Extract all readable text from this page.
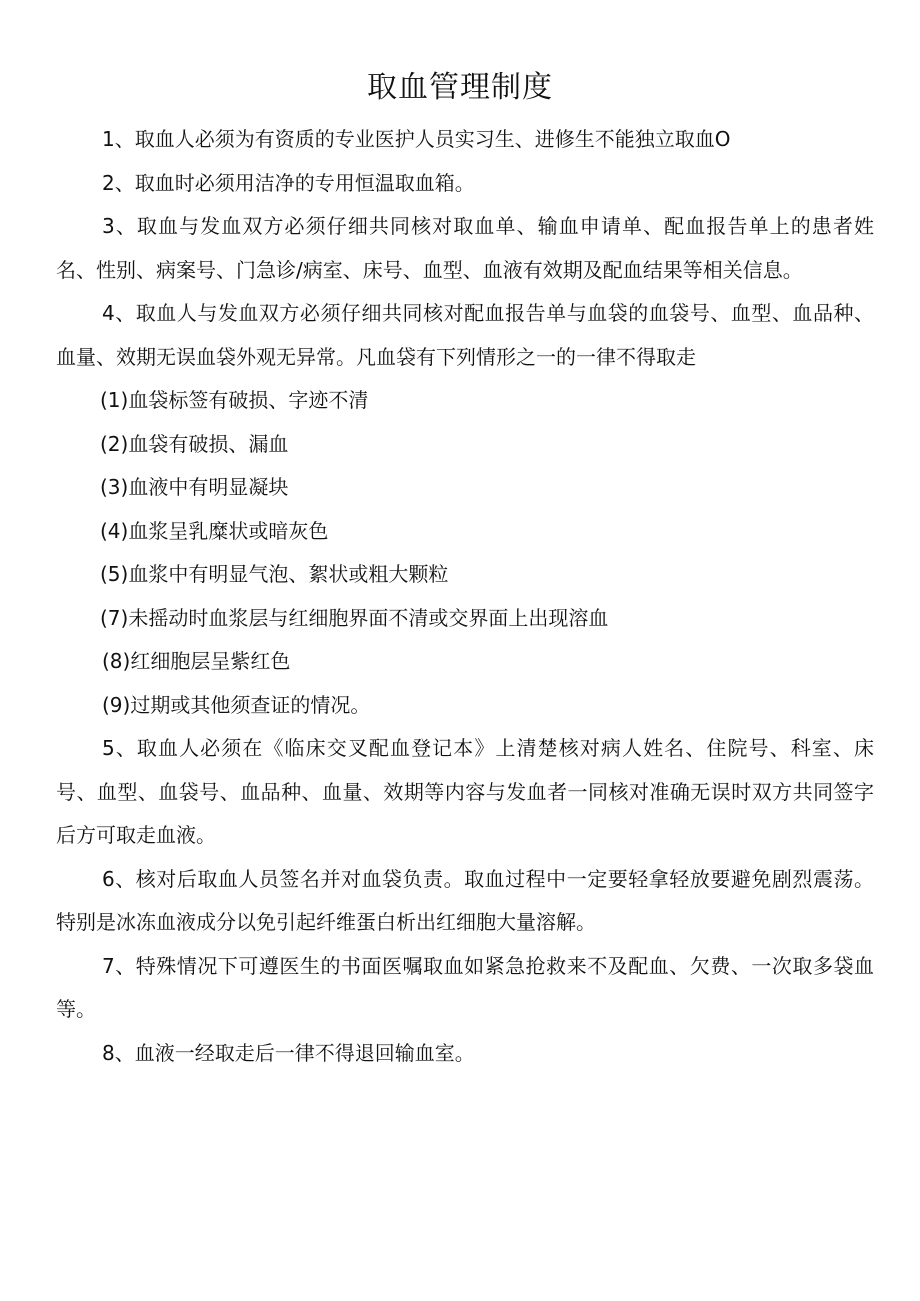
取血管理制度

1、取血人必须为有资质的专业医护人员实习生、进修生不能独立取血O

2、取血时必须用洁净的专用恒温取血箱。

3、取血与发血双方必须仔细共同核对取血单、输血申请单、配血报告单上的患者姓名、性别、病案号、门急诊/病室、床号、血型、血液有效期及配血结果等相关信息。

4、取血人与发血双方必须仔细共同核对配血报告单与血袋的血袋号、血型、血品种、血量、效期无误血袋外观无异常。凡血袋有下列情形之一的一律不得取走

(1)血袋标签有破损、字迹不清

(2)血袋有破损、漏血

(3)血液中有明显凝块

(4)血浆呈乳糜状或暗灰色

(5)血浆中有明显气泡、絮状或粗大颗粒

(7)未摇动时血浆层与红细胞界面不清或交界面上出现溶血

(8)红细胞层呈紫红色

(9)过期或其他须查证的情况。

5、取血人必须在《临床交叉配血登记本》上清楚核对病人姓名、住院号、科室、床号、血型、血袋号、血品种、血量、效期等内容与发血者一同核对准确无误时双方共同签字后方可取走血液。

6、核对后取血人员签名并对血袋负责。取血过程中一定要轻拿轻放要避免剧烈震荡。特别是冰冻血液成分以免引起纤维蛋白析出红细胞大量溶解。

7、特殊情况下可遵医生的书面医嘱取血如紧急抢救来不及配血、欠费、一次取多袋血等。

8、血液一经取走后一律不得退回输血室。
